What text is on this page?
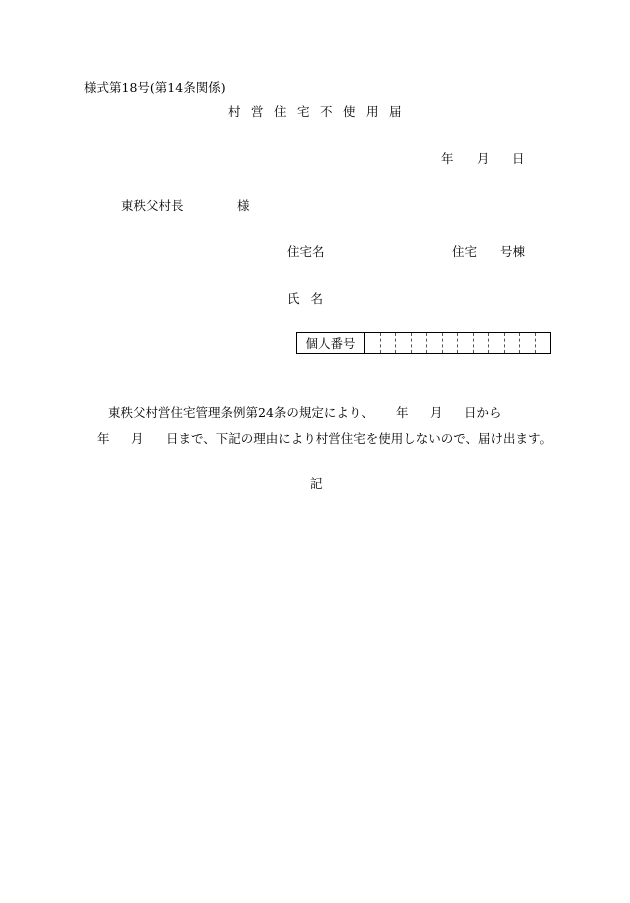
様式第18号(第14条関係)
村営住宅不使用届
年 月 日
東秩父村長	様
住宅名	住宅 号棟
氏名
個人番号
東秩父村営住宅管理条例第24条の規定により、 年 月 日から
年 月 日まで、下記の理由により村営住宅を使用しないので、届け出ます。
記
